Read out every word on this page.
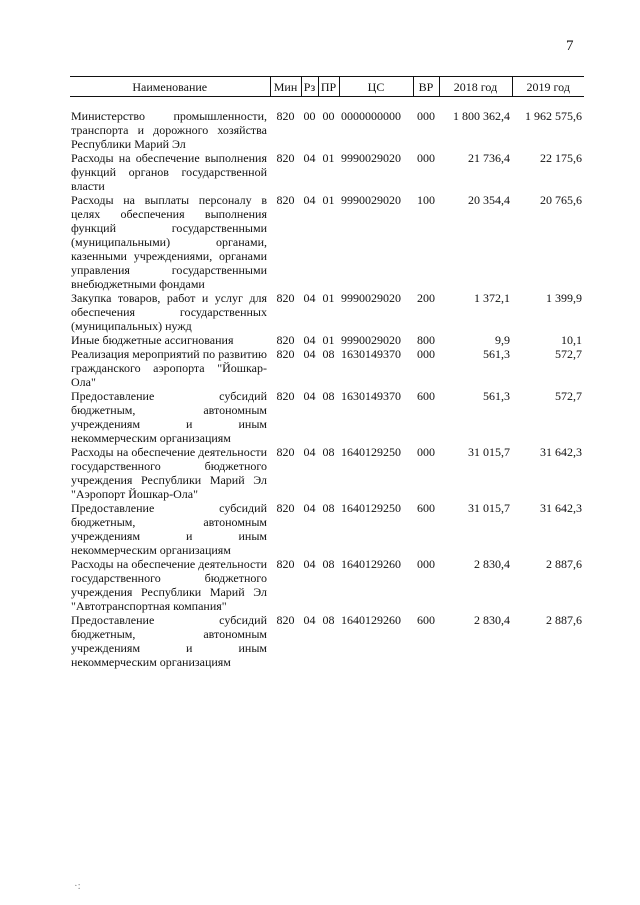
7
Наименование	Мин	Рз	ПР	ЦС	ВР	2018 год	2019 год
Министерство промышленности, транспорта и дорожного хозяйства Республики Марий Эл	820	00	00	0000000000	000	1 800 362,4	1 962 575,6
Расходы на обеспечение выполнения функций органов государственной власти	820	04	01	9990029020	000	21 736,4	22 175,6
Расходы на выплаты персоналу в целях обеспечения выполнения функций государственными (муниципальными) органами, казенными учреждениями, органами управления государственными внебюджетными фондами	820	04	01	9990029020	100	20 354,4	20 765,6
Закупка товаров, работ и услуг для обеспечения государственных (муниципальных) нужд	820	04	01	9990029020	200	1 372,1	1 399,9
Иные бюджетные ассигнования	820	04	01	9990029020	800	9,9	10,1
Реализация мероприятий по развитию гражданского аэропорта "Йошкар-Ола"	820	04	08	1630149370	000	561,3	572,7
Предоставление субсидий бюджетным, автономным учреждениям и иным некоммерческим организациям	820	04	08	1630149370	600	561,3	572,7
Расходы на обеспечение деятельности государственного бюджетного учреждения Республики Марий Эл "Аэропорт Йошкар-Ола"	820	04	08	1640129250	000	31 015,7	31 642,3
Предоставление субсидий бюджетным, автономным учреждениям и иным некоммерческим организациям	820	04	08	1640129250	600	31 015,7	31 642,3
Расходы на обеспечение деятельности государственного бюджетного учреждения Республики Марий Эл "Автотранспортная компания"	820	04	08	1640129260	000	2 830,4	2 887,6
Предоставление субсидий бюджетным, автономным учреждениям и иным некоммерческим организациям	820	04	08	1640129260	600	2 830,4	2 887,6
·:
